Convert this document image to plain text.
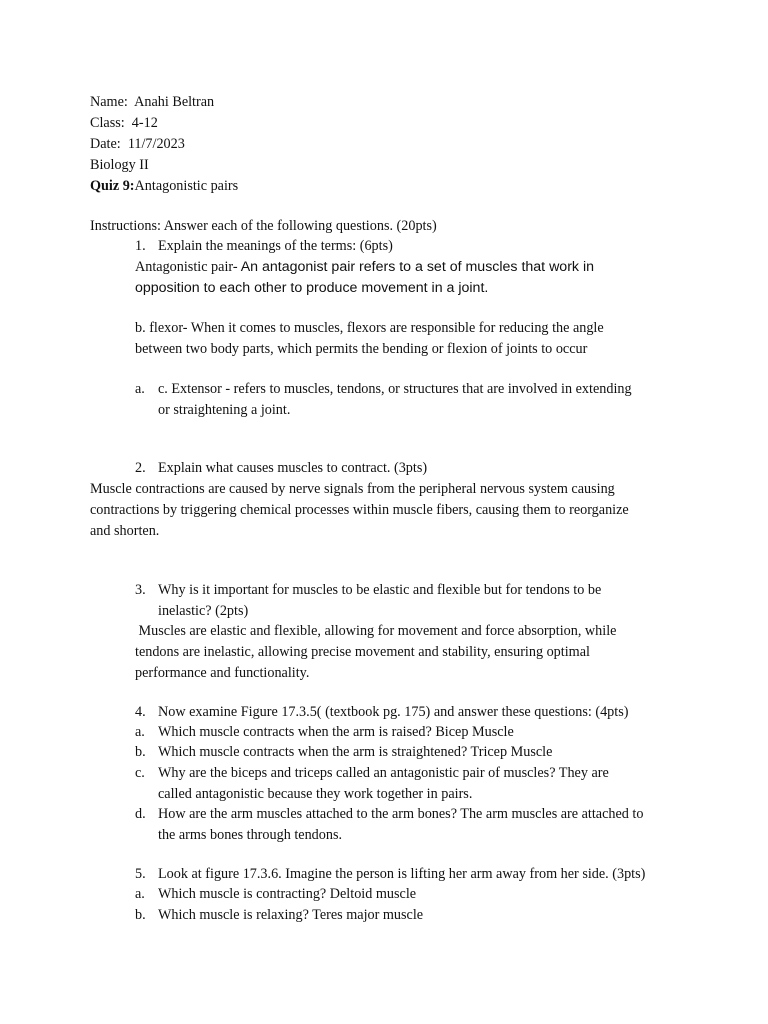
Name: Anahi Beltran
Class: 4-12
Date: 11/7/2023
Biology II
Quiz 9:Antagonistic pairs
Instructions: Answer each of the following questions. (20pts)
1. Explain the meanings of the terms: (6pts)
Antagonistic pair- An antagonist pair refers to a set of muscles that work in
opposition to each other to produce movement in a joint.
b. flexor- When it comes to muscles, flexors are responsible for reducing the angle
between two body parts, which permits the bending or flexion of joints to occur
a. c. Extensor - refers to muscles, tendons, or structures that are involved in extending
or straightening a joint.
2. Explain what causes muscles to contract. (3pts)
Muscle contractions are caused by nerve signals from the peripheral nervous system causing
contractions by triggering chemical processes within muscle fibers, causing them to reorganize
and shorten.
3. Why is it important for muscles to be elastic and flexible but for tendons to be
inelastic? (2pts)
Muscles are elastic and flexible, allowing for movement and force absorption, while
tendons are inelastic, allowing precise movement and stability, ensuring optimal
performance and functionality.
4. Now examine Figure 17.3.5( (textbook pg. 175) and answer these questions: (4pts)
a. Which muscle contracts when the arm is raised? Bicep Muscle
b. Which muscle contracts when the arm is straightened? Tricep Muscle
c. Why are the biceps and triceps called an antagonistic pair of muscles? They are
called antagonistic because they work together in pairs.
d. How are the arm muscles attached to the arm bones? The arm muscles are attached to
the arms bones through tendons.
5. Look at figure 17.3.6. Imagine the person is lifting her arm away from her side. (3pts)
a. Which muscle is contracting? Deltoid muscle
b. Which muscle is relaxing? Teres major muscle
